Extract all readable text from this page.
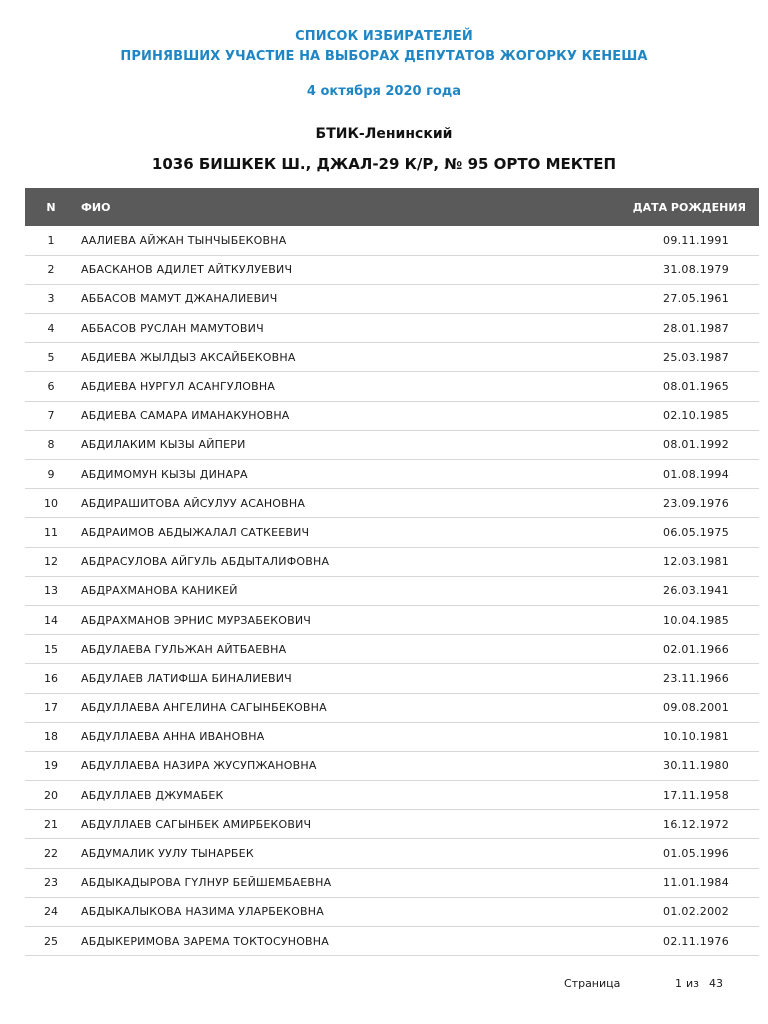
СПИСОК ИЗБИРАТЕЛЕЙ
ПРИНЯВШИХ УЧАСТИЕ НА ВЫБОРАХ ДЕПУТАТОВ ЖОГОРКУ КЕНЕША
4 октября 2020 года
БТИК-Ленинский
1036 БИШКЕК Ш., ДЖАЛ-29 К/Р, № 95 ОРТО МЕКТЕП
N	ФИО	ДАТА РОЖДЕНИЯ
1	ААЛИЕВА АЙЖАН ТЫНЧЫБЕКОВНА	09.11.1991
2	АБАСКАНОВ АДИЛЕТ АЙТКУЛУЕВИЧ	31.08.1979
3	АББАСОВ МАМУТ ДЖАНАЛИЕВИЧ	27.05.1961
4	АББАСОВ РУСЛАН МАМУТОВИЧ	28.01.1987
5	АБДИЕВА ЖЫЛДЫЗ АКСАЙБЕКОВНА	25.03.1987
6	АБДИЕВА НУРГУЛ АСАНГУЛОВНА	08.01.1965
7	АБДИЕВА САМАРА ИМАНАКУНОВНА	02.10.1985
8	АБДИЛАКИМ КЫЗЫ АЙПЕРИ	08.01.1992
9	АБДИМОМУН КЫЗЫ ДИНАРА	01.08.1994
10	АБДИРАШИТОВА АЙСУЛУУ АСАНОВНА	23.09.1976
11	АБДРАИМОВ АБДЫЖАЛАЛ САТКЕЕВИЧ	06.05.1975
12	АБДРАСУЛОВА АЙГУЛЬ АБДЫТАЛИФОВНА	12.03.1981
13	АБДРАХМАНОВА КАНИКЕЙ	26.03.1941
14	АБДРАХМАНОВ ЭРНИС МУРЗАБЕКОВИЧ	10.04.1985
15	АБДУЛАЕВА ГУЛЬЖАН АЙТБАЕВНА	02.01.1966
16	АБДУЛАЕВ ЛАТИФША БИНАЛИЕВИЧ	23.11.1966
17	АБДУЛЛАЕВА АНГЕЛИНА САГЫНБЕКОВНА	09.08.2001
18	АБДУЛЛАЕВА АННА ИВАНОВНА	10.10.1981
19	АБДУЛЛАЕВА НАЗИРА ЖУСУПЖАНОВНА	30.11.1980
20	АБДУЛЛАЕВ ДЖУМАБЕК	17.11.1958
21	АБДУЛЛАЕВ САГЫНБЕК АМИРБЕКОВИЧ	16.12.1972
22	АБДУМАЛИК УУЛУ ТЫНАРБЕК	01.05.1996
23	АБДЫКАДЫРОВА ГҮЛНУР БЕЙШЕМБАЕВНА	11.01.1984
24	АБДЫКАЛЫКОВА НАЗИМА УЛАРБЕКОВНА	01.02.2002
25	АБДЫКЕРИМОВА ЗАРЕМА ТОКТОСУНОВНА	02.11.1976
Страница	1 из 43
